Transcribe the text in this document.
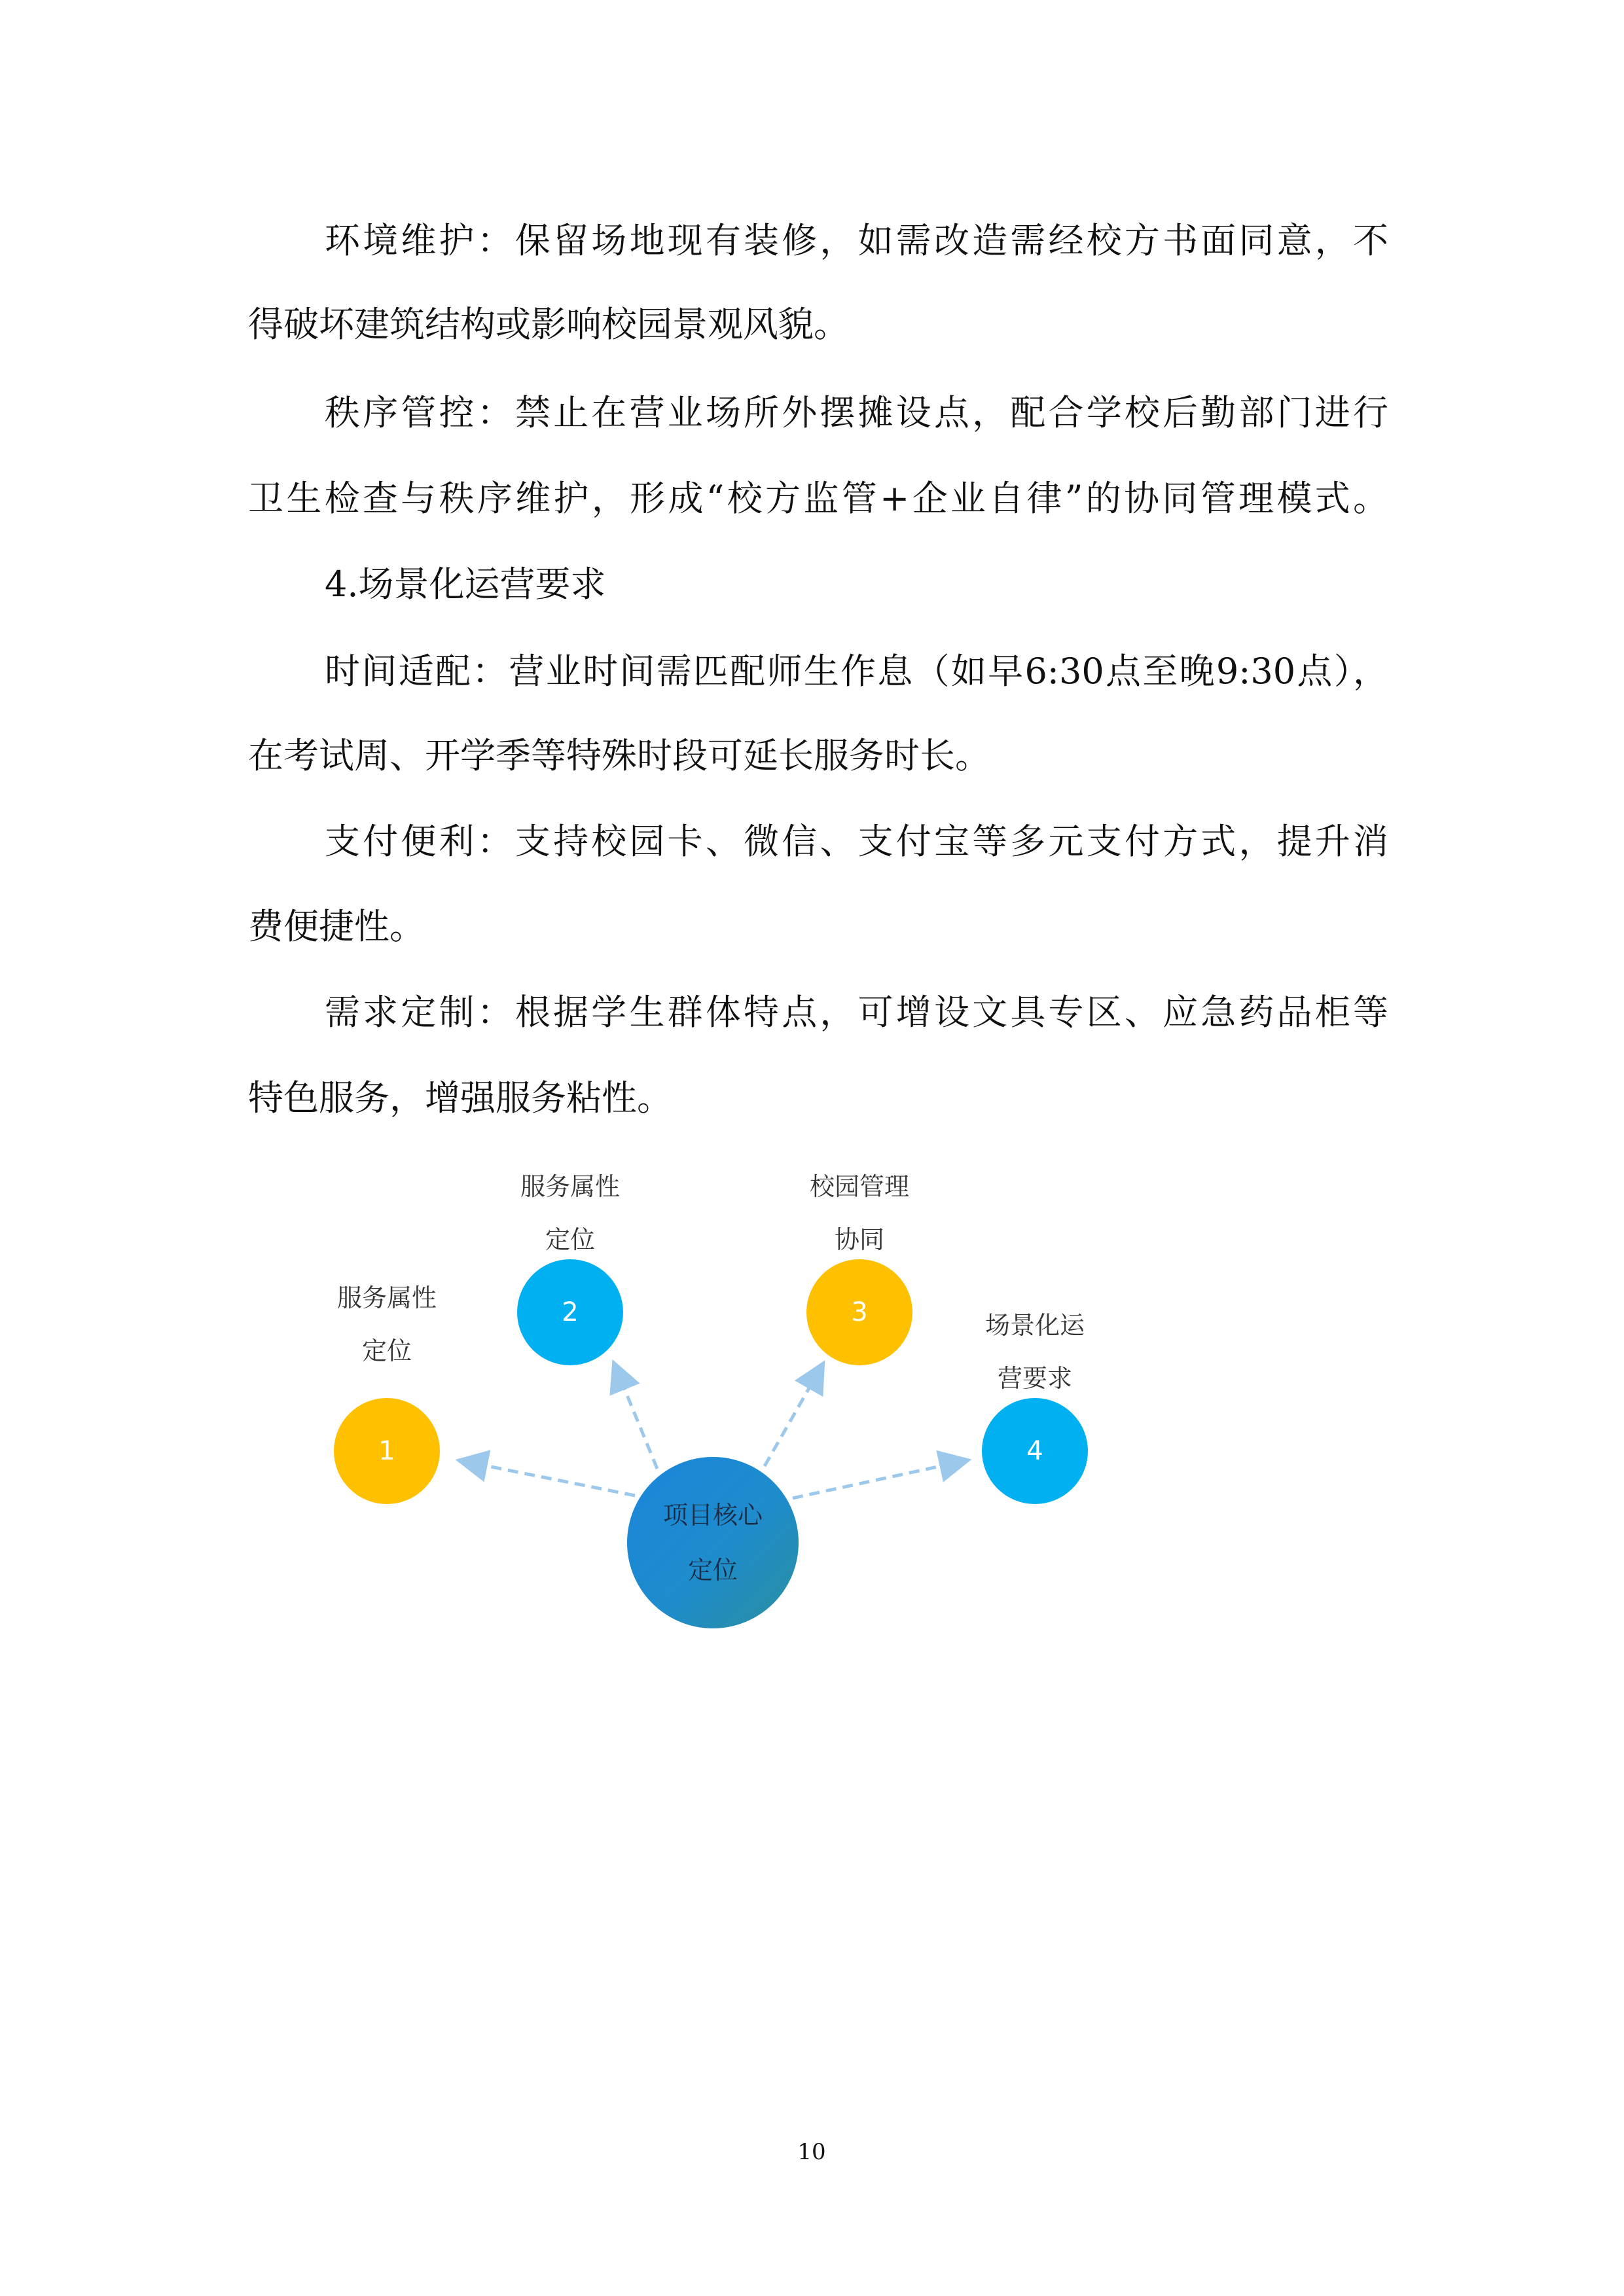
环境维护：保留场地现有装修，如需改造需经校方书面同意，不
得破坏建筑结构或影响校园景观风貌。
秩序管控：禁止在营业场所外摆摊设点，配合学校后勤部门进行
卫生检查与秩序维护，形成“校方监管+企业自律”的协同管理模式。
4.场景化运营要求
时间适配：营业时间需匹配师生作息（如早6:30点至晚9:30点），
在考试周、开学季等特殊时段可延长服务时长。
支付便利：支持校园卡、微信、支付宝等多元支付方式，提升消
费便捷性。
需求定制：根据学生群体特点，可增设文具专区、应急药品柜等
特色服务，增强服务粘性。
服务属性
定位
1
服务属性
定位
2
校园管理
协同
3	场景化运
营要求
4
项目核心
定位
10
